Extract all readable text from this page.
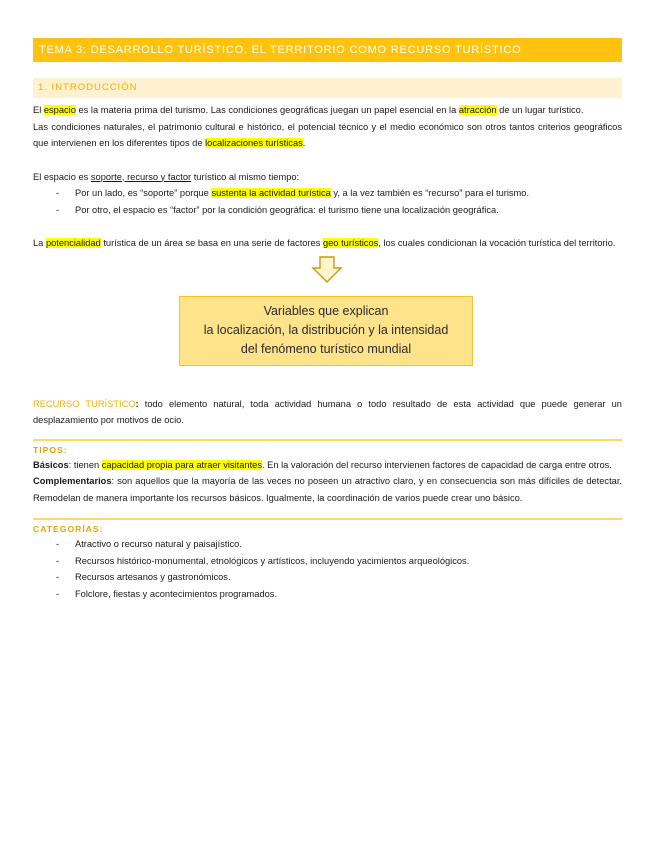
TEMA 3: DESARROLLO TURÍSTICO. EL TERRITORIO COMO RECURSO TURÍSTICO
1. INTRODUCCIÓN

El espacio es la materia prima del turismo. Las condiciones geográficas juegan un papel esencial en la atracción de un lugar turístico.

Las condiciones naturales, el patrimonio cultural e histórico, el potencial técnico y el medio económico son otros tantos criterios geográficos que intervienen en los diferentes tipos de localizaciones turísticas.

El espacio es soporte, recurso y factor turístico al mismo tiempo:

- Por un lado, es “soporte” porque sustenta la actividad turística y, a la vez también es “recurso” para el turismo.
- Por otro, el espacio es “factor” por la condición geográfica: el turismo tiene una localización geográfica.

La potencialidad turística de un área se basa en una serie de factores geo turísticos, los cuales condicionan la vocación turística del territorio.

Variables que explican
la localización, la distribución y la intensidad
del fenómeno turístico mundial

RECURSO TURÍSTICO: todo elemento natural, toda actividad humana o todo resultado de esta actividad que puede generar un desplazamiento por motivos de ocio.

TIPOS:

Básicos: tienen capacidad propia para atraer visitantes. En la valoración del recurso intervienen factores de capacidad de carga entre otros.

Complementarios: son aquellos que la mayoría de las veces no poseen un atractivo claro, y en consecuencia son más difíciles de detectar. Remodelan de manera importante los recursos básicos. Igualmente, la coordinación de varios puede crear uno básico.

CATEGORÍAS:
- Atractivo o recurso natural y paisajístico.
- Recursos histórico-monumental, etnológicos y artísticos, incluyendo yacimientos arqueológicos.
- Recursos artesanos y gastronómicos.
- Folclore, fiestas y acontecimientos programados.
